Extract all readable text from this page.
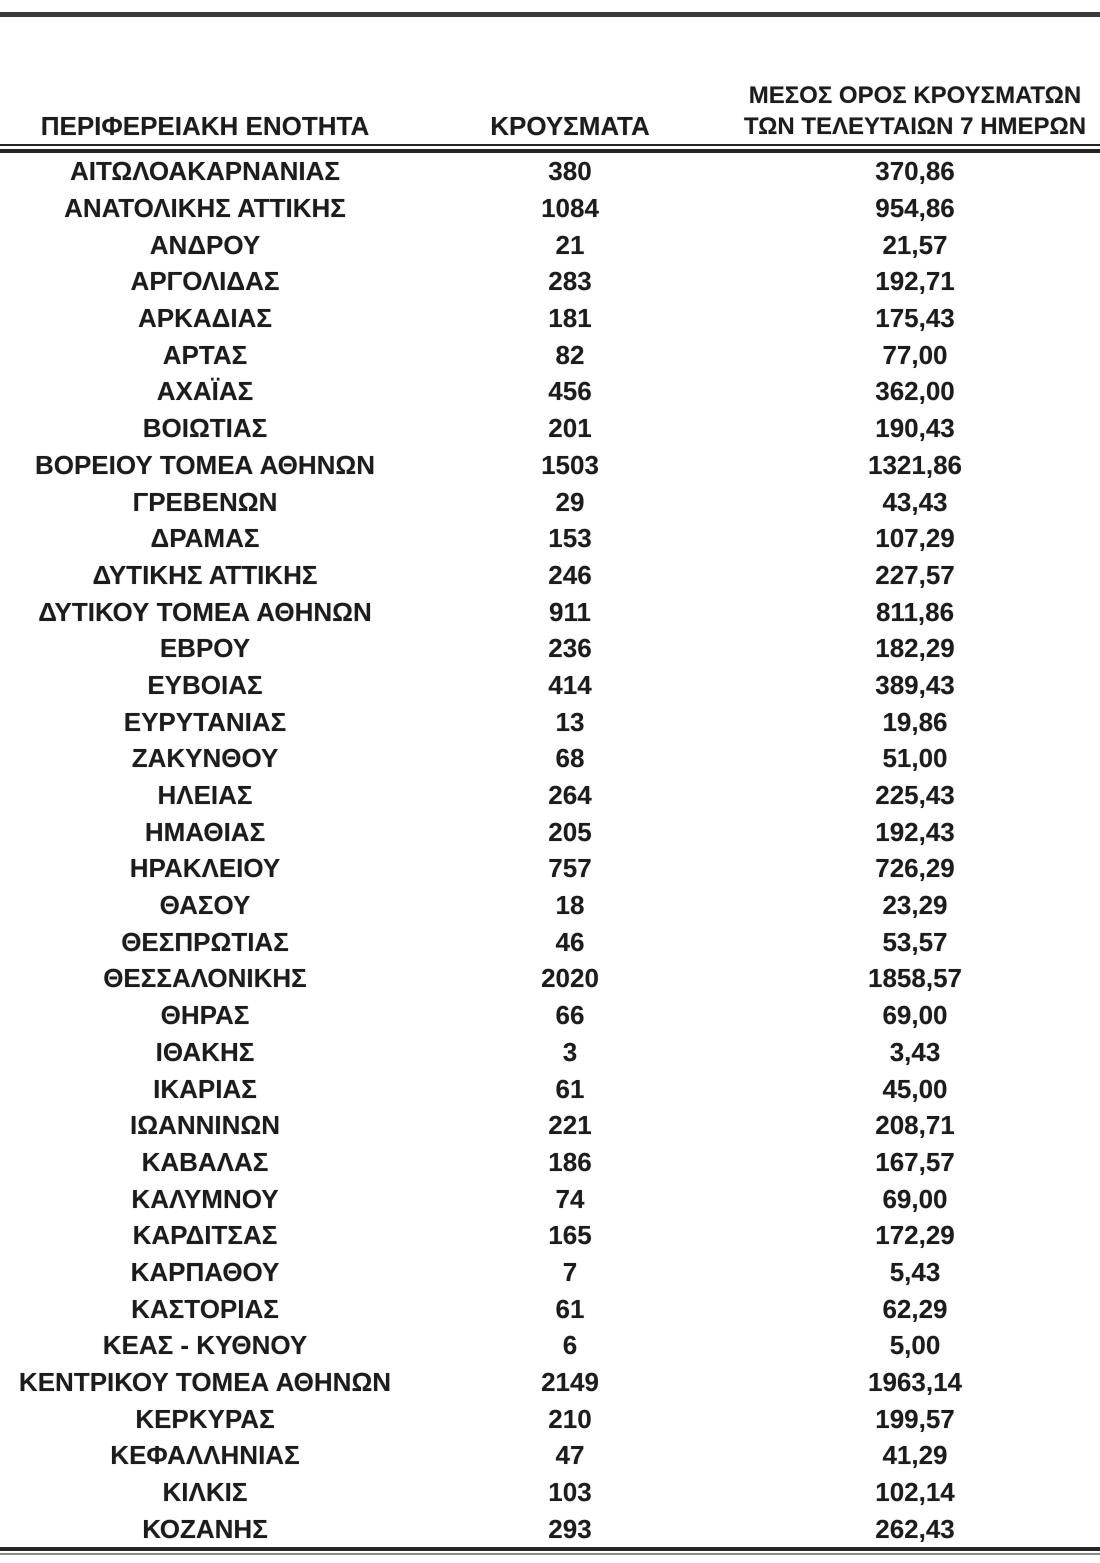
ΠΕΡΙΦΕΡΕΙΑΚΗ ΕΝΟΤΗΤΑ	ΚΡΟΥΣΜΑΤΑ
ΜΕΣΟΣ ΟΡΟΣ ΚΡΟΥΣΜΑΤΩΝ
ΤΩΝ ΤΕΛΕΥΤΑΙΩΝ 7 ΗΜΕΡΩΝ
ΑΙΤΩΛΟΑΚΑΡΝΑΝΙΑΣ	380	370,86
ΑΝΑΤΟΛΙΚΗΣ ΑΤΤΙΚΗΣ	1084	954,86
ΑΝΔΡΟΥ	21	21,57
ΑΡΓΟΛΙΔΑΣ	283	192,71
ΑΡΚΑΔΙΑΣ	181	175,43
ΑΡΤΑΣ	82	77,00
ΑΧΑΪΑΣ	456	362,00
ΒΟΙΩΤΙΑΣ	201	190,43
ΒΟΡΕΙΟΥ ΤΟΜΕΑ ΑΘΗΝΩΝ	1503	1321,86
ΓΡΕΒΕΝΩΝ	29	43,43
ΔΡΑΜΑΣ	153	107,29
ΔΥΤΙΚΗΣ ΑΤΤΙΚΗΣ	246	227,57
ΔΥΤΙΚΟΥ ΤΟΜΕΑ ΑΘΗΝΩΝ	911	811,86
ΕΒΡΟΥ	236	182,29
ΕΥΒΟΙΑΣ	414	389,43
ΕΥΡΥΤΑΝΙΑΣ	13	19,86
ΖΑΚΥΝΘΟΥ	68	51,00
ΗΛΕΙΑΣ	264	225,43
ΗΜΑΘΙΑΣ	205	192,43
ΗΡΑΚΛΕΙΟΥ	757	726,29
ΘΑΣΟΥ	18	23,29
ΘΕΣΠΡΩΤΙΑΣ	46	53,57
ΘΕΣΣΑΛΟΝΙΚΗΣ	2020	1858,57
ΘΗΡΑΣ	66	69,00
ΙΘΑΚΗΣ	3	3,43
ΙΚΑΡΙΑΣ	61	45,00
ΙΩΑΝΝΙΝΩΝ	221	208,71
ΚΑΒΑΛΑΣ	186	167,57
ΚΑΛΥΜΝΟΥ	74	69,00
ΚΑΡΔΙΤΣΑΣ	165	172,29
ΚΑΡΠΑΘΟΥ	7	5,43
ΚΑΣΤΟΡΙΑΣ	61	62,29
ΚΕΑΣ - ΚΥΘΝΟΥ	6	5,00
ΚΕΝΤΡΙΚΟΥ ΤΟΜΕΑ ΑΘΗΝΩΝ	2149	1963,14
ΚΕΡΚΥΡΑΣ	210	199,57
ΚΕΦΑΛΛΗΝΙΑΣ	47	41,29
ΚΙΛΚΙΣ	103	102,14
ΚΟΖΑΝΗΣ	293	262,43
